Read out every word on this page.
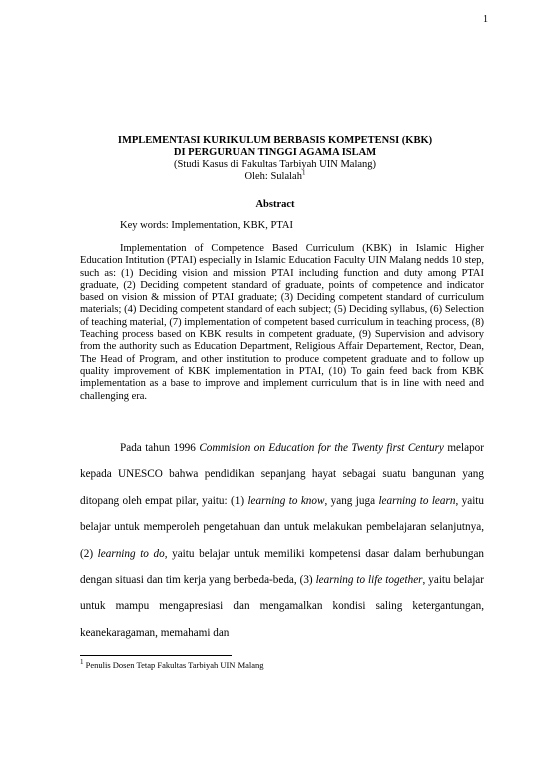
1

IMPLEMENTASI KURIKULUM BERBASIS KOMPETENSI (KBK)

DI PERGURUAN TINGGI AGAMA ISLAM

(Studi Kasus di Fakultas Tarbiyah UIN Malang)

Oleh: Sulalah$^1$

Abstract
Key words: Implementation, KBK, PTAI

Implementation of Competence Based Curriculum (KBK) in Islamic Higher Education Intitution (PTAI) especially in Islamic Education Faculty UIN Malang nedds 10 step, such as: (1) Deciding vision and mission PTAI including function and duty among PTAI graduate, (2) Deciding competent standard of graduate, points of competence and indicator based on vision & mission of PTAI graduate; (3) Deciding competent standard of curriculum materials; (4) Deciding competent standard of each subject; (5) Deciding syllabus, (6) Selection of teaching material, (7) implementation of competent based curriculum in teaching process, (8) Teaching process based on KBK results in competent graduate, (9) Supervision and advisory from the authority such as Education Department, Religious Affair Departement, Rector, Dean, The Head of Program, and other institution to produce competent graduate and to follow up quality improvement of KBK implementation in PTAI, (10) To gain feed back from KBK implementation as a base to improve and implement curriculum that is in line with need and challenging era.

Pada tahun 1996 Commision on Education for the Twenty first Century melapor kepada UNESCO bahwa pendidikan sepanjang hayat sebagai suatu bangunan yang ditopang oleh empat pilar, yaitu: (1) learning to know, yang juga learning to learn, yaitu belajar untuk memperoleh pengetahuan dan untuk melakukan pembelajaran selanjutnya, (2) learning to do, yaitu belajar untuk memiliki kompetensi dasar dalam berhubungan dengan situasi dan tim kerja yang berbeda-beda, (3) learning to life together, yaitu belajar untuk mampu mengapresiasi dan mengamalkan kondisi saling ketergantungan, keanekaragaman, memahami dan

$^1$ Penulis Dosen Tetap Fakultas Tarbiyah UIN Malang
